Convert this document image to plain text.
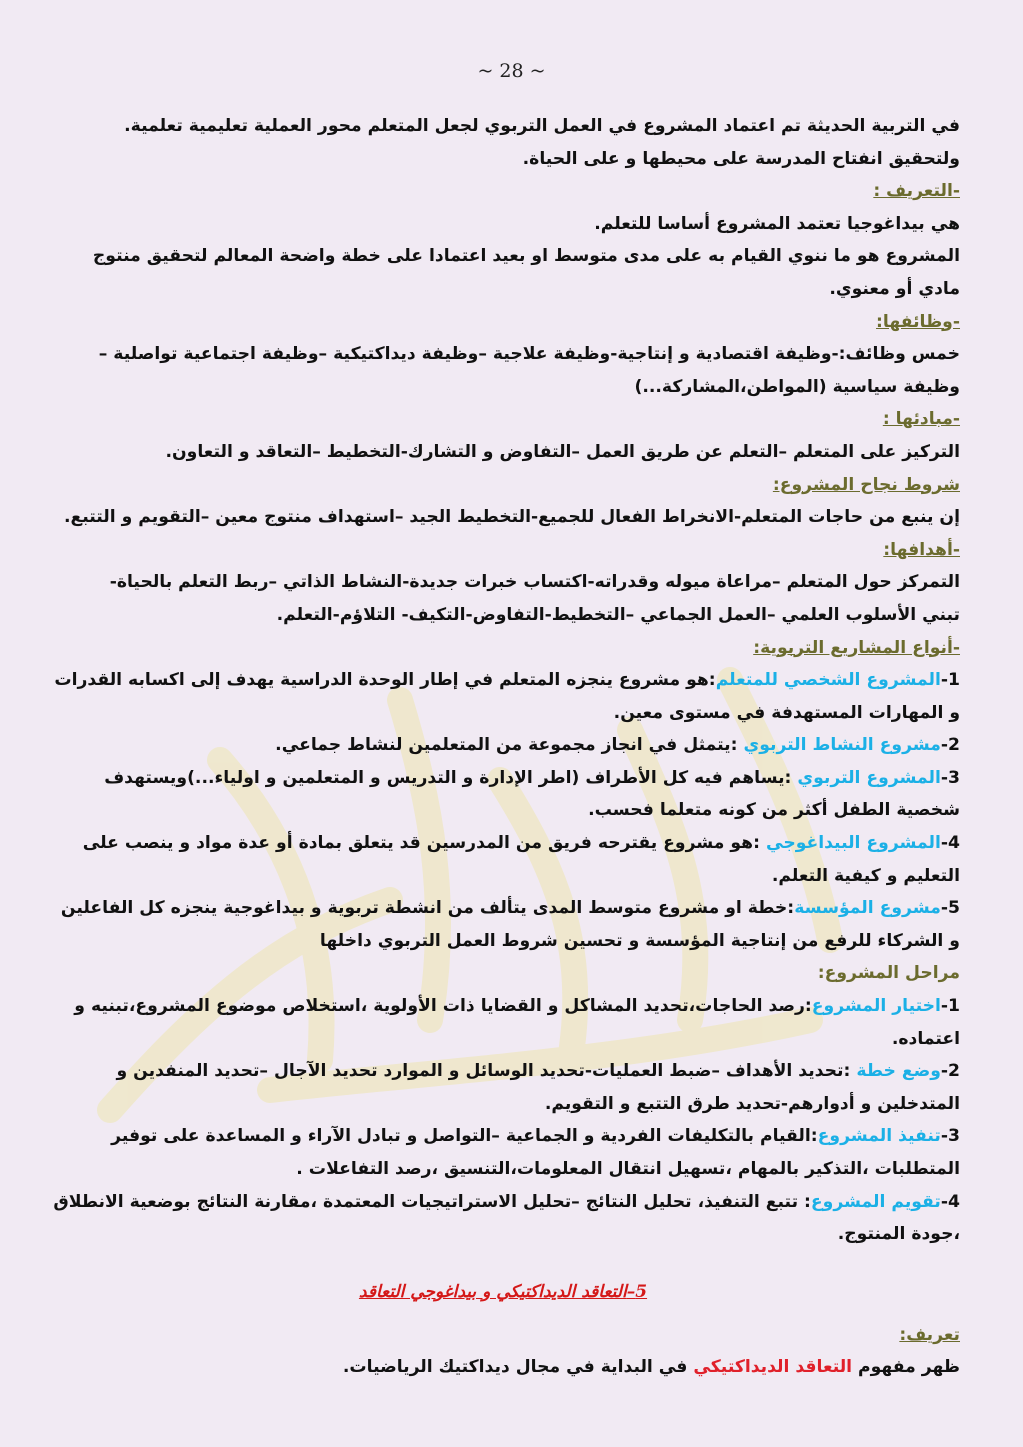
~ 28 ~

في التربية الحديثة تم اعتماد المشروع في العمل التربوي لجعل المتعلم محور العملية تعليمية تعلمية.

ولتحقيق انفتاح المدرسة على محيطها و على الحياة.

-التعريف :

هي بيداغوجيا تعتمد المشروع أساسا للتعلم.

المشروع هو ما ننوي القيام به على مدى متوسط او بعيد اعتمادا على خطة واضحة المعالم لتحقيق منتوج مادي أو معنوي.

-وظائفها:

خمس وظائف:-وظيفة اقتصادية و إنتاجية-وظيفة علاجية –وظيفة ديداكتيكية –وظيفة اجتماعية تواصلية –وظيفة سياسية (المواطن،المشاركة...)

-مبادئها :

التركيز على المتعلم –التعلم عن طريق العمل –التفاوض و التشارك-التخطيط –التعاقد و التعاون.

شروط نجاح المشروع:

إن ينبع من حاجات المتعلم-الانخراط الفعال للجميع-التخطيط الجيد –استهداف منتوج معين –التقويم و التتبع.

-أهدافها:

التمركز حول المتعلم –مراعاة ميوله وقدراته-اكتساب خبرات جديدة-النشاط الذاتي –ربط التعلم بالحياة-

تبني الأسلوب العلمي –العمل الجماعي –التخطيط-التفاوض-التكيف- التلاؤم-التعلم.

-أنواع المشاريع التربوية:

1-المشروع الشخصي للمتعلم:هو مشروع ينجزه المتعلم في إطار الوحدة الدراسية يهدف إلى اكسابه القدرات و المهارات المستهدفة في مستوى معين.

2-مشروع النشاط التربوي :يتمثل في انجاز مجموعة من المتعلمين لنشاط جماعي.

3-المشروع التربوي :يساهم فيه كل الأطراف (اطر الإدارة و التدريس و المتعلمين و اولياء...)ويستهدف شخصية الطفل أكثر من كونه متعلما فحسب.

4-المشروع البيداغوجي :هو مشروع يقترحه فريق من المدرسين قد يتعلق بمادة أو عدة مواد و ينصب على التعليم و كيفية التعلم.

5-مشروع المؤسسة:خطة او مشروع متوسط المدى يتألف من انشطة تربوية و بيداغوجية ينجزه كل الفاعلين و الشركاء للرفع من إنتاجية المؤسسة و تحسين شروط العمل التربوي داخلها

مراحل المشروع:

1-اختيار المشروع:رصد الحاجات،تحديد المشاكل و القضايا ذات الأولوية ،استخلاص موضوع المشروع،تبنيه و اعتماده.

2-وضع خطة :تحديد الأهداف –ضبط العمليات-تحديد الوسائل و الموارد تحديد الآجال –تحديد المنفدين و المتدخلين و أدوارهم-تحديد طرق التتبع و التقويم.

3-تنفيذ المشروع:القيام بالتكليفات الفردية و الجماعية –التواصل و تبادل الآراء و المساعدة على توفير المتطلبات ،التذكير بالمهام ،تسهيل انتقال المعلومات،التنسيق ،رصد التفاعلات .

4-تقويم المشروع: تتبع التنفيذ، تحليل النتائج –تحليل الاستراتيجيات المعتمدة ،مقارنة النتائج بوضعية الانطلاق ،جودة المنتوج.

5–التعاقد الديداكتيكي و بيداغوجي التعاقد

تعريف:

ظهر مفهوم التعاقد الديداكتيكي في البداية في مجال ديداكتيك الرياضيات.
